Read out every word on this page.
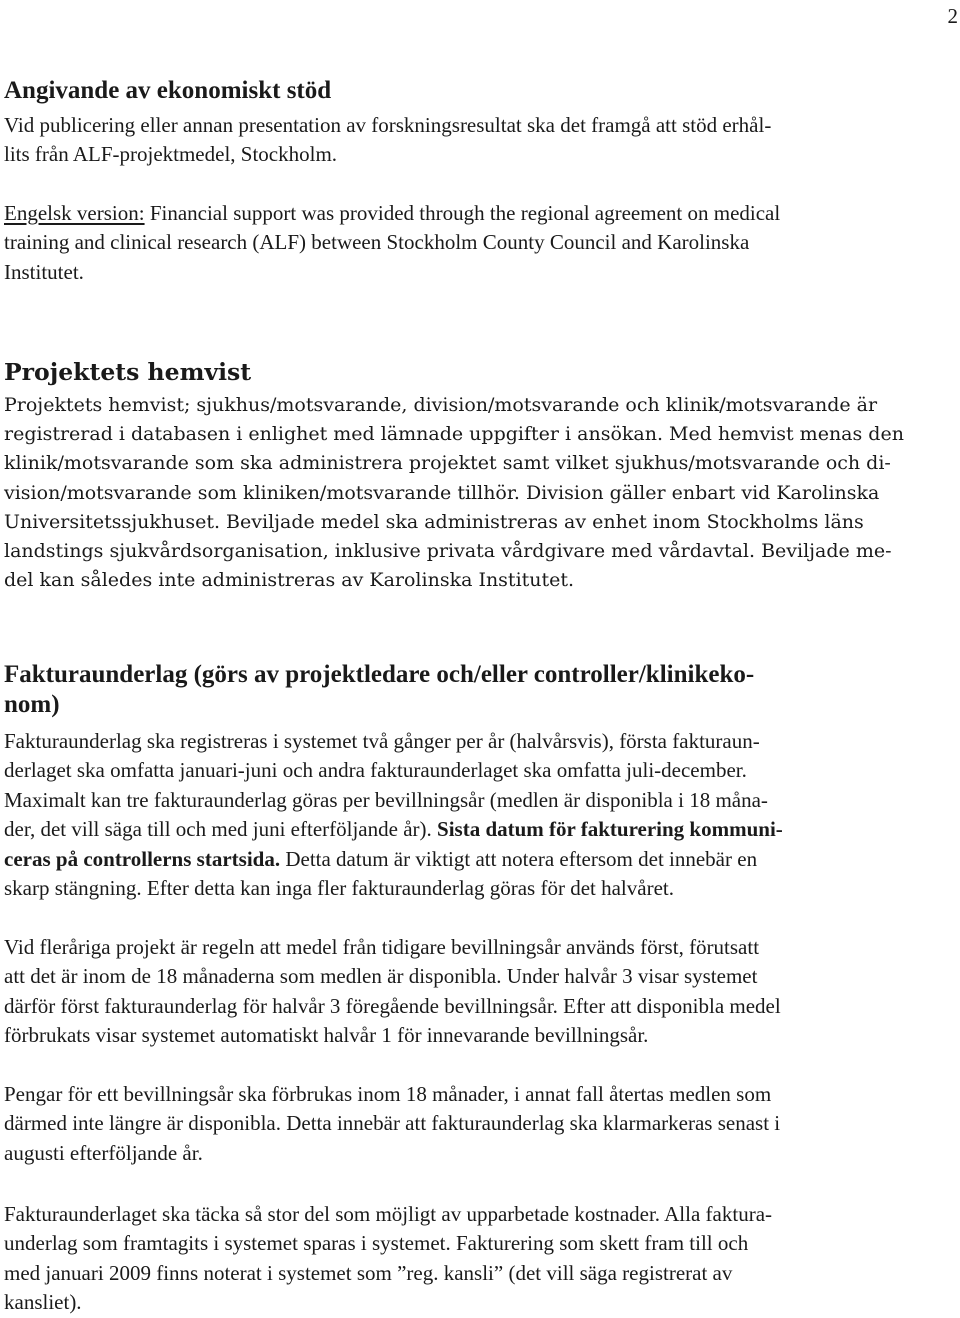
2
Angivande av ekonomiskt stöd
Vid publicering eller annan presentation av forskningsresultat ska det framgå att stöd erhål-
lits från ALF-projektmedel, Stockholm.
Engelsk version: Financial support was provided through the regional agreement on medical
training and clinical research (ALF) between Stockholm County Council and Karolinska
Institutet.
Projektets hemvist
Projektets hemvist; sjukhus/motsvarande, division/motsvarande och klinik/motsvarande är
registrerad i databasen i enlighet med lämnade uppgifter i ansökan. Med hemvist menas den
klinik/motsvarande som ska administrera projektet samt vilket sjukhus/motsvarande och di-
vision/motsvarande som kliniken/motsvarande tillhör. Division gäller enbart vid Karolinska
Universitetssjukhuset. Beviljade medel ska administreras av enhet inom Stockholms läns
landstings sjukvårdsorganisation, inklusive privata vårdgivare med vårdavtal. Beviljade me-
del kan således inte administreras av Karolinska Institutet.
Fakturaunderlag (görs av projektledare och/eller controller/klinikeko-
nom)
Fakturaunderlag ska registreras i systemet två gånger per år (halvårsvis), första fakturaun-
derlaget ska omfatta januari-juni och andra fakturaunderlaget ska omfatta juli-december.
Maximalt kan tre fakturaunderlag göras per bevillningsår (medlen är disponibla i 18 måna-
der, det vill säga till och med juni efterföljande år). Sista datum för fakturering kommuni-
ceras på controllerns startsida. Detta datum är viktigt att notera eftersom det innebär en
skarp stängning. Efter detta kan inga fler fakturaunderlag göras för det halvåret.
Vid fleråriga projekt är regeln att medel från tidigare bevillningsår används först, förutsatt
att det är inom de 18 månaderna som medlen är disponibla. Under halvår 3 visar systemet
därför först fakturaunderlag för halvår 3 föregående bevillningsår. Efter att disponibla medel
förbrukats visar systemet automatiskt halvår 1 för innevarande bevillningsår.
Pengar för ett bevillningsår ska förbrukas inom 18 månader, i annat fall återtas medlen som
därmed inte längre är disponibla. Detta innebär att fakturaunderlag ska klarmarkeras senast i
augusti efterföljande år.
Fakturaunderlaget ska täcka så stor del som möjligt av upparbetade kostnader. Alla faktura-
underlag som framtagits i systemet sparas i systemet. Fakturering som skett fram till och
med januari 2009 finns noterat i systemet som ”reg. kansli” (det vill säga registrerat av
kansliet).
